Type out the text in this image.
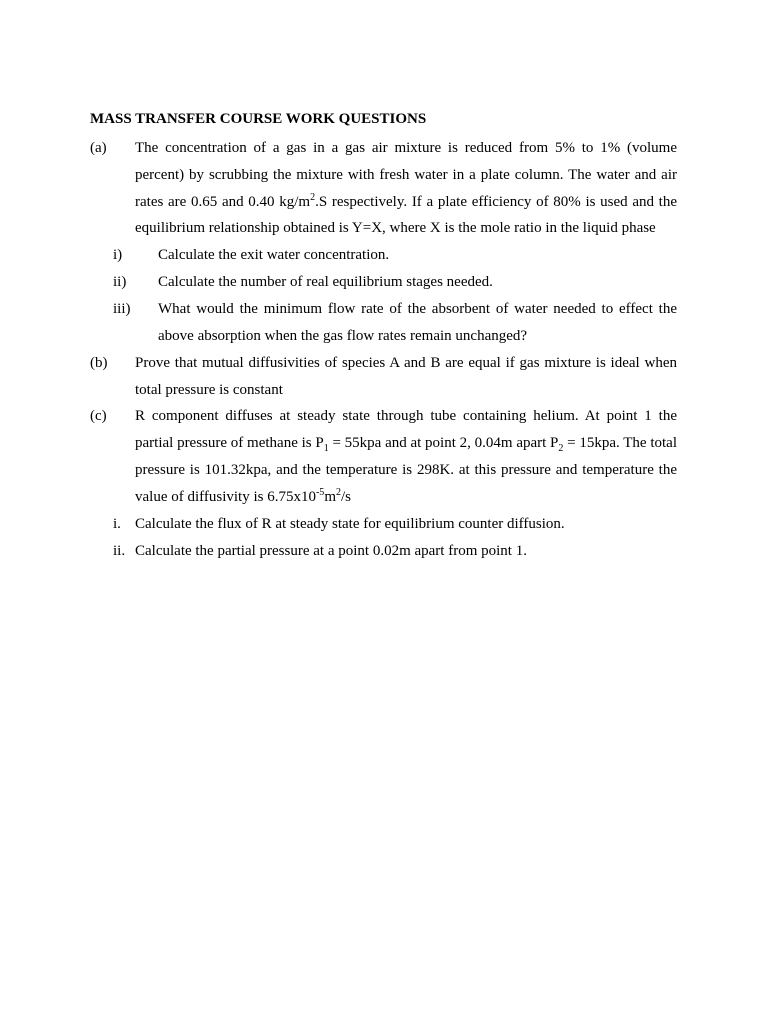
MASS TRANSFER COURSE WORK QUESTIONS
(a)	The concentration of a gas in a gas air mixture is reduced from 5% to 1% (volume percent) by scrubbing the mixture with fresh water in a plate column. The water and air rates are 0.65 and 0.40 $kg/m^2.S$ respectively. If a plate efficiency of 80% is used and the equilibrium relationship obtained is Y=X, where X is the mole ratio in the liquid phase
i)	Calculate the exit water concentration.
ii)	Calculate the number of real equilibrium stages needed.
iii)	What would the minimum flow rate of the absorbent of water needed to effect the above absorption when the gas flow rates remain unchanged?
(b)	Prove that mutual diffusivities of species A and B are equal if gas mixture is ideal when total pressure is constant
(c)	R component diffuses at steady state through tube containing helium. At point 1 the partial pressure of methane is $P_1 = 55kpa$ and at point 2, 0.04m apart $P_2 = 15kpa$. The total pressure is 101.32kpa, and the temperature is 298K. at this pressure and temperature the value of diffusivity is $6.75x10^{-5}m^2/s$
i. Calculate the flux of R at steady state for equilibrium counter diffusion.
ii. Calculate the partial pressure at a point 0.02m apart from point 1.
